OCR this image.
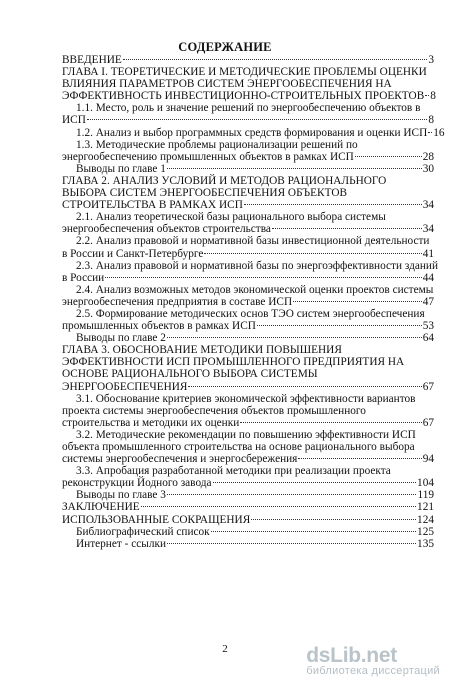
СОДЕРЖАНИЕ
ВВЕДЕНИЕ	3
ГЛАВА I. ТЕОРЕТИЧЕСКИЕ И МЕТОДИЧЕСКИЕ ПРОБЛЕМЫ ОЦЕНКИ
ВЛИЯНИЯ ПАРАМЕТРОВ СИСТЕМ ЭНЕРГООБЕСПЕЧЕНИЯ НА
ЭФФЕКТИВНОСТЬ ИНВЕСТИЦИОННО-СТРОИТЕЛЬНЫХ ПРОЕКТОВ 8
1.1. Место, роль и значение решений по энергообеспечению объектов в
ИСП	8
1.2. Анализ и выбор программных средств формирования и оценки ИСП 16
1.3. Методические проблемы рационализации решений по
энергообеспечению промышленных объектов в рамках ИСП	28
Выводы по главе 1	30
ГЛАВА 2. АНАЛИЗ УСЛОВИЙ И МЕТОДОВ РАЦИОНАЛЬНОГО
ВЫБОРА СИСТЕМ ЭНЕРГООБЕСПЕЧЕНИЯ ОБЪЕКТОВ
СТРОИТЕЛЬСТВА В РАМКАХ ИСП	34
2.1. Анализ теоретической базы рационального выбора системы
энергообеспечения объектов строительства	34
2.2. Анализ правовой и нормативной базы инвестиционной деятельности
в России и Санкт-Петербурге	41
2.3. Анализ правовой и нормативной базы по энергоэффективности зданий
в России	44
2.4. Анализ возможных методов экономической оценки проектов системы
энергообеспечения предприятия в составе ИСП	47
2.5. Формирование методических основ ТЭО систем энергообеспечения
промышленных объектов в рамках ИСП	53
Выводы по главе 2	64
ГЛАВА 3. ОБОСНОВАНИЕ МЕТОДИКИ ПОВЫШЕНИЯ
ЭФФЕКТИВНОСТИ ИСП ПРОМЫШЛЕННОГО ПРЕДПРИЯТИЯ НА
ОСНОВЕ РАЦИОНАЛЬНОГО ВЫБОРА СИСТЕМЫ
ЭНЕРГООБЕСПЕЧЕНИЯ	67
3.1. Обоснование критериев экономической эффективности вариантов
проекта системы энергообеспечения объектов промышленного
строительства и методики их оценки	67
3.2. Методические рекомендации по повышению эффективности ИСП
объекта промышленного строительства на основе рационального выбора
системы энергообеспечения и энергосбережения	94
3.3. Апробация разработанной методики при реализации проекта
реконструкции Йодного завода	104
Выводы по главе 3	119
ЗАКЛЮЧЕНИЕ	121
ИСПОЛЬЗОВАННЫЕ СОКРАЩЕНИЯ	124
Библиографический список	125
Интернет - ссылки	135
2	dsLib.net
библиотека диссертаций
